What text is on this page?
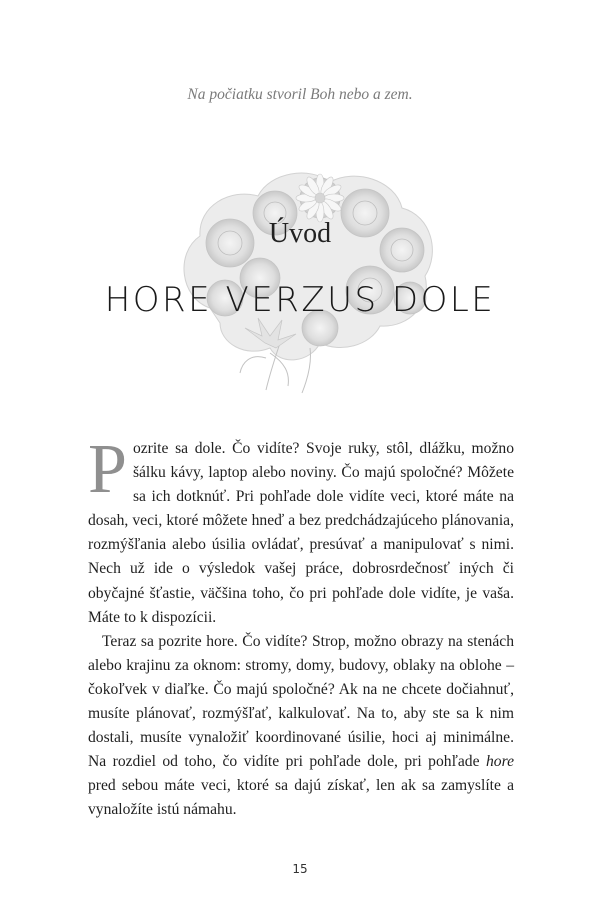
Na počiatku stvoril Boh nebo a zem.
Úvod
HORE VERZUS DOLE

Pozrite sa dole. Čo vidíte? Svoje ruky, stôl, dlážku, možno šálku kávy, laptop alebo noviny. Čo majú spoločné? Môžete sa ich dotknúť. Pri pohľade dole vidíte veci, ktoré máte na dosah, veci, ktoré môžete hneď a bez predchádzajúceho plánovania, rozmýšľania alebo úsilia ovládať, presúvať a manipulovať s nimi. Nech už ide o výsledok vašej práce, dobrosrdečnosť iných či obyčajné šťastie, väčšina toho, čo pri pohľade dole vidíte, je vaša. Máte to k dispozícii.

Teraz sa pozrite hore. Čo vidíte? Strop, možno obrazy na stenách alebo krajinu za oknom: stromy, domy, budovy, oblaky na oblohe – čokoľvek v diaľke. Čo majú spoločné? Ak na ne chcete dočiahnuť, musíte plánovať, rozmýšľať, kalkulovať. Na to, aby ste sa k nim dostali, musíte vynaložiť koordinované úsilie, hoci aj minimálne. Na rozdiel od toho, čo vidíte pri pohľade dole, pri pohľade hore pred sebou máte veci, ktoré sa dajú získať, len ak sa zamyslíte a vynaložíte istú námahu.

15
